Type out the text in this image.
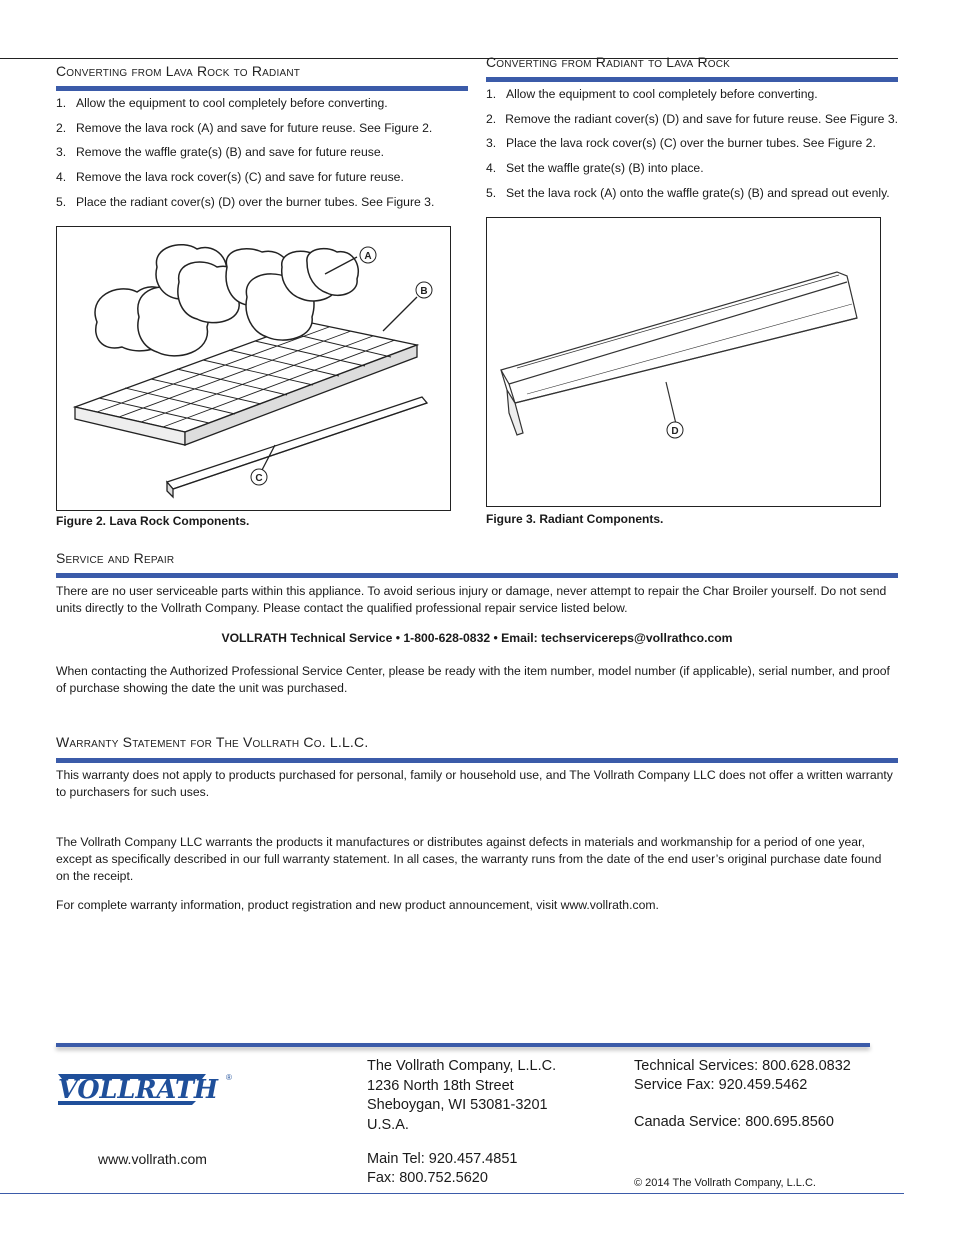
Converting from Lava Rock to Radiant
1. Allow the equipment to cool completely before converting.
2. Remove the lava rock (A) and save for future reuse. See Figure 2.
3. Remove the waffle grate(s) (B) and save for future reuse.
4. Remove the lava rock cover(s) (C) and save for future reuse.
5. Place the radiant cover(s) (D) over the burner tubes. See Figure 3.
A
B
C
Figure 2. Lava Rock Components.
Converting from Radiant to Lava Rock
1. Allow the equipment to cool completely before converting.
2. Remove the radiant cover(s) (D) and save for future reuse. See Figure 3.
3. Place the lava rock cover(s) (C) over the burner tubes. See Figure 2.
4. Set the waffle grate(s) (B) into place.
5. Set the lava rock (A) onto the waffle grate(s) (B) and spread out evenly.
D
Figure 3. Radiant Components.
Service and Repair
There are no user serviceable parts within this appliance. To avoid serious injury or damage, never attempt to repair the Char Broiler yourself. Do not send units directly to the Vollrath Company. Please contact the qualified professional repair service listed below.
VOLLRATH Technical Service • 1-800-628-0832 • Email: techservicereps@vollrathco.com
When contacting the Authorized Professional Service Center, please be ready with the item number, model number (if applicable), serial number, and proof of purchase showing the date the unit was purchased.
Warranty Statement for The Vollrath Co. L.L.C.
This warranty does not apply to products purchased for personal, family or household use, and The Vollrath Company LLC does not offer a written warranty to purchasers for such uses.
The Vollrath Company LLC warrants the products it manufactures or distributes against defects in materials and workmanship for a period of one year, except as specifically described in our full warranty statement. In all cases, the warranty runs from the date of the end user’s original purchase date found on the receipt.
For complete warranty information, product registration and new product announcement, visit www.vollrath.com.
VOLLRATH ®
www.vollrath.com
The Vollrath Company, L.L.C.
1236 North 18th Street
Sheboygan, WI 53081-3201
U.S.A.
Main Tel: 920.457.4851
Fax: 800.752.5620
Technical Services: 800.628.0832
Service Fax: 920.459.5462
Canada Service: 800.695.8560
© 2014 The Vollrath Company, L.L.C.
